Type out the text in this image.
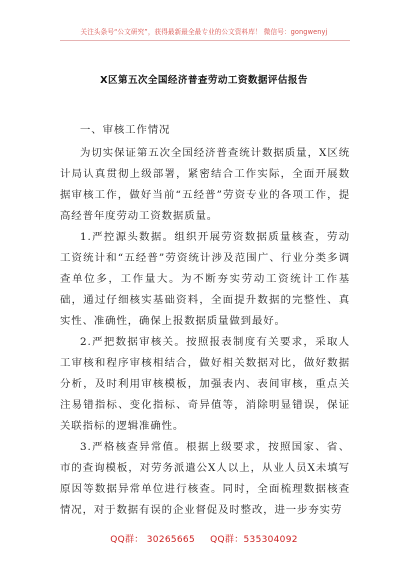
关注头条号“公文研究”，获得最新最全最专业的公文资料库！ 微信号：gongwenyj
X区第五次全国经济普查劳动工资数据评估报告

一、审核工作情况

为切实保证第五次全国经济普查统计数据质量，X区统计局认真贯彻上级部署，紧密结合工作实际，全面开展数据审核工作，做好当前“五经普”劳资专业的各项工作，提高经普年度劳动工资数据质量。

1.严控源头数据。组织开展劳资数据质量核查，劳动工资统计和“五经普”劳资统计涉及范围广、行业分类多调查单位多，工作量大。为不断夯实劳动工资统计工作基础，通过仔细核实基础资料，全面提升数据的完整性、真实性、准确性，确保上报数据质量做到最好。

2.严把数据审核关。按照报表制度有关要求，采取人工审核和程序审核相结合，做好相关数据对比，做好数据分析，及时利用审核模板，加强表内、表间审核，重点关注易错指标、变化指标、奇异值等，消除明显错误，保证关联指标的逻辑准确性。

3.严格核查异常值。根据上级要求，按照国家、省、市的查询模板，对劳务派遣公X人以上，从业人员X未填写原因等数据异常单位进行核查。同时，全面梳理数据核查情况，对于数据有误的企业督促及时整改，进一步夯实劳

QQ群： 30265665 QQ群：535304092
